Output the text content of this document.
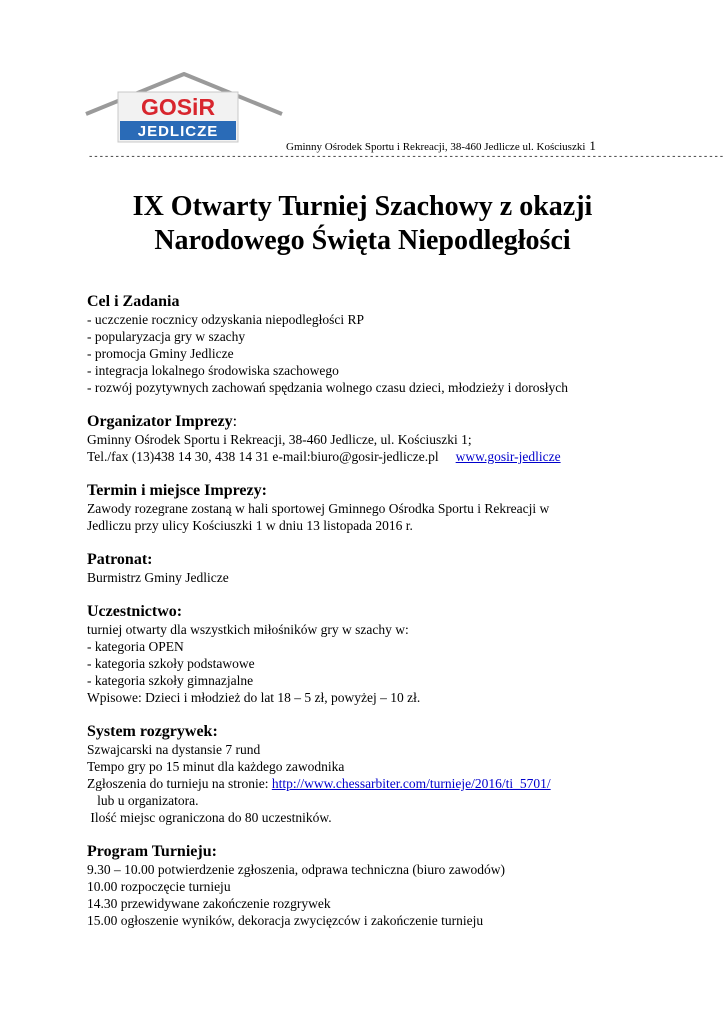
GOSiR
JEDLICZE
Gminny Ośrodek Sportu i Rekreacji, 38-460 Jedlicze ul. Kościuszki 1
------------------------------------------------------------------------------------------------------------------------
IX Otwarty Turniej Szachowy z okazji
Narodowego Święta Niepodległości
Cel i Zadania

- uczczenie rocznicy odzyskania niepodległości RP

- popularyzacja gry w szachy

- promocja Gminy Jedlicze

- integracja lokalnego środowiska szachowego

- rozwój pozytywnych zachowań spędzania wolnego czasu dzieci, młodzieży i dorosłych

Organizator Imprezy:

Gminny Ośrodek Sportu i Rekreacji, 38-460 Jedlicze, ul. Kościuszki 1;

Tel./fax (13)438 14 30, 438 14 31 e-mail:biuro@gosir-jedlicze.pl www.gosir-jedlicze

Termin i miejsce Imprezy:

Zawody rozegrane zostaną w hali sportowej Gminnego Ośrodka Sportu i Rekreacji w

Jedliczu przy ulicy Kościuszki 1 w dniu 13 listopada 2016 r.

Patronat:

Burmistrz Gminy Jedlicze

Uczestnictwo:

turniej otwarty dla wszystkich miłośników gry w szachy w:

- kategoria OPEN

- kategoria szkoły podstawowe

- kategoria szkoły gimnazjalne

Wpisowe: Dzieci i młodzież do lat 18 – 5 zł, powyżej – 10 zł.

System rozgrywek:

Szwajcarski na dystansie 7 rund

Tempo gry po 15 minut dla każdego zawodnika

Zgłoszenia do turnieju na stronie: http://www.chessarbiter.com/turnieje/2016/ti_5701/

lub u organizatora.

Ilość miejsc ograniczona do 80 uczestników.

Program Turnieju:

9.30 – 10.00 potwierdzenie zgłoszenia, odprawa techniczna (biuro zawodów)

10.00 rozpoczęcie turnieju

14.30 przewidywane zakończenie rozgrywek

15.00 ogłoszenie wyników, dekoracja zwycięzców i zakończenie turnieju
